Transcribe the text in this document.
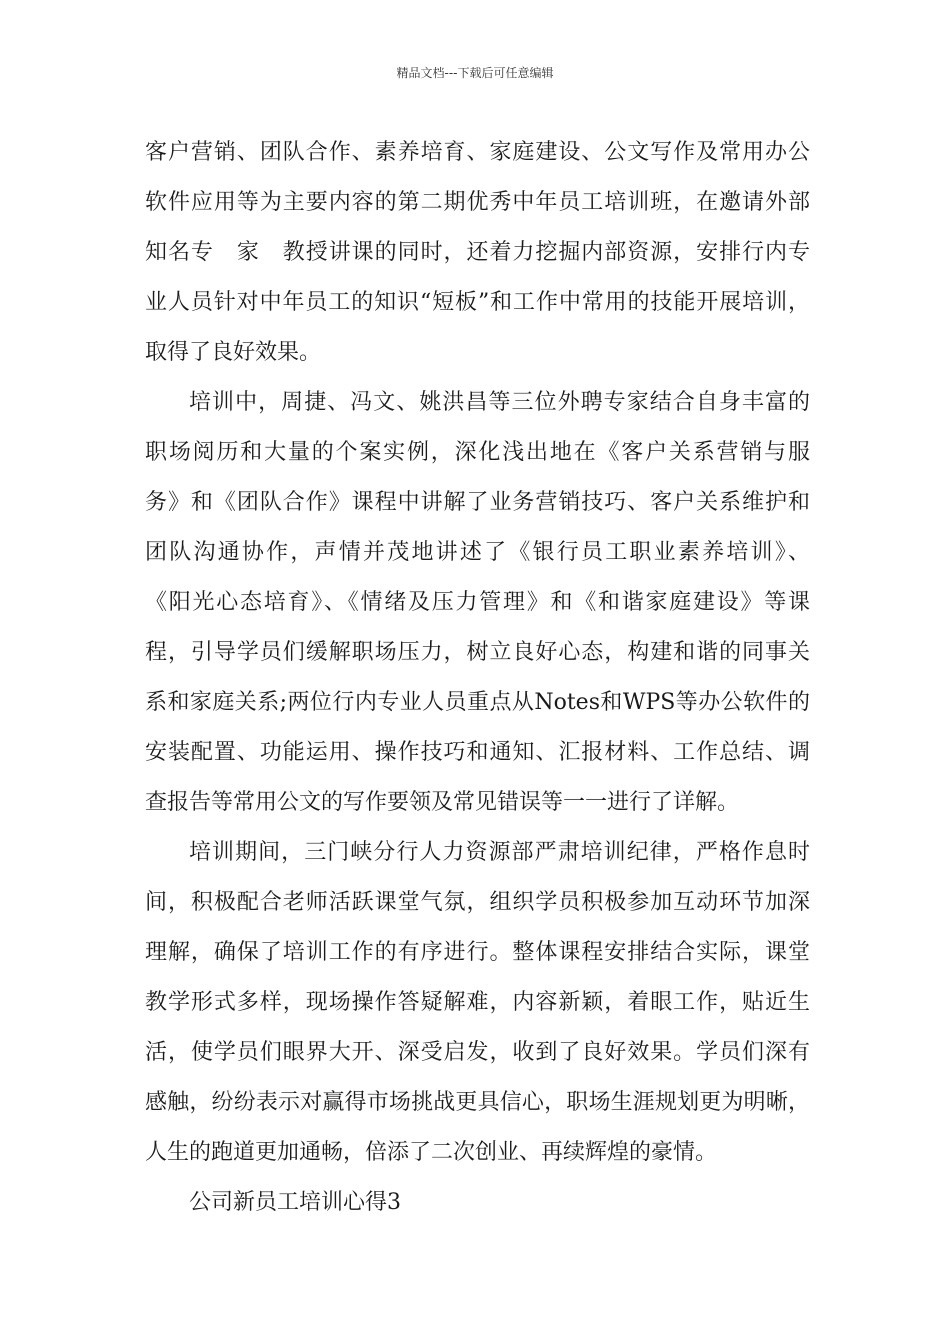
精品文档---下载后可任意编辑
客户营销、团队合作、素养培育、家庭建设、公文写作及常用办公
软件应用等为主要内容的第二期优秀中年员工培训班，在邀请外部
知名专　家　教授讲课的同时，还着力挖掘内部资源，安排行内专
业人员针对中年员工的知识“短板”和工作中常用的技能开展培训，
取得了良好效果。
培训中，周捷、冯文、姚洪昌等三位外聘专家结合自身丰富的
职场阅历和大量的个案实例，深化浅出地在《客户关系营销与服
务》和《团队合作》课程中讲解了业务营销技巧、客户关系维护和
团队沟通协作，声情并茂地讲述了《银行员工职业素养培训》、
《阳光心态培育》、《情绪及压力管理》和《和谐家庭建设》等课
程，引导学员们缓解职场压力，树立良好心态，构建和谐的同事关
系和家庭关系;两位行内专业人员重点从Notes和WPS等办公软件的
安装配置、功能运用、操作技巧和通知、汇报材料、工作总结、调
查报告等常用公文的写作要领及常见错误等一一进行了详解。
培训期间，三门峡分行人力资源部严肃培训纪律，严格作息时
间，积极配合老师活跃课堂气氛，组织学员积极参加互动环节加深
理解，确保了培训工作的有序进行。整体课程安排结合实际，课堂
教学形式多样，现场操作答疑解难，内容新颖，着眼工作，贴近生
活，使学员们眼界大开、深受启发，收到了良好效果。学员们深有
感触，纷纷表示对赢得市场挑战更具信心，职场生涯规划更为明晰，
人生的跑道更加通畅，倍添了二次创业、再续辉煌的豪情。
公司新员工培训心得3
